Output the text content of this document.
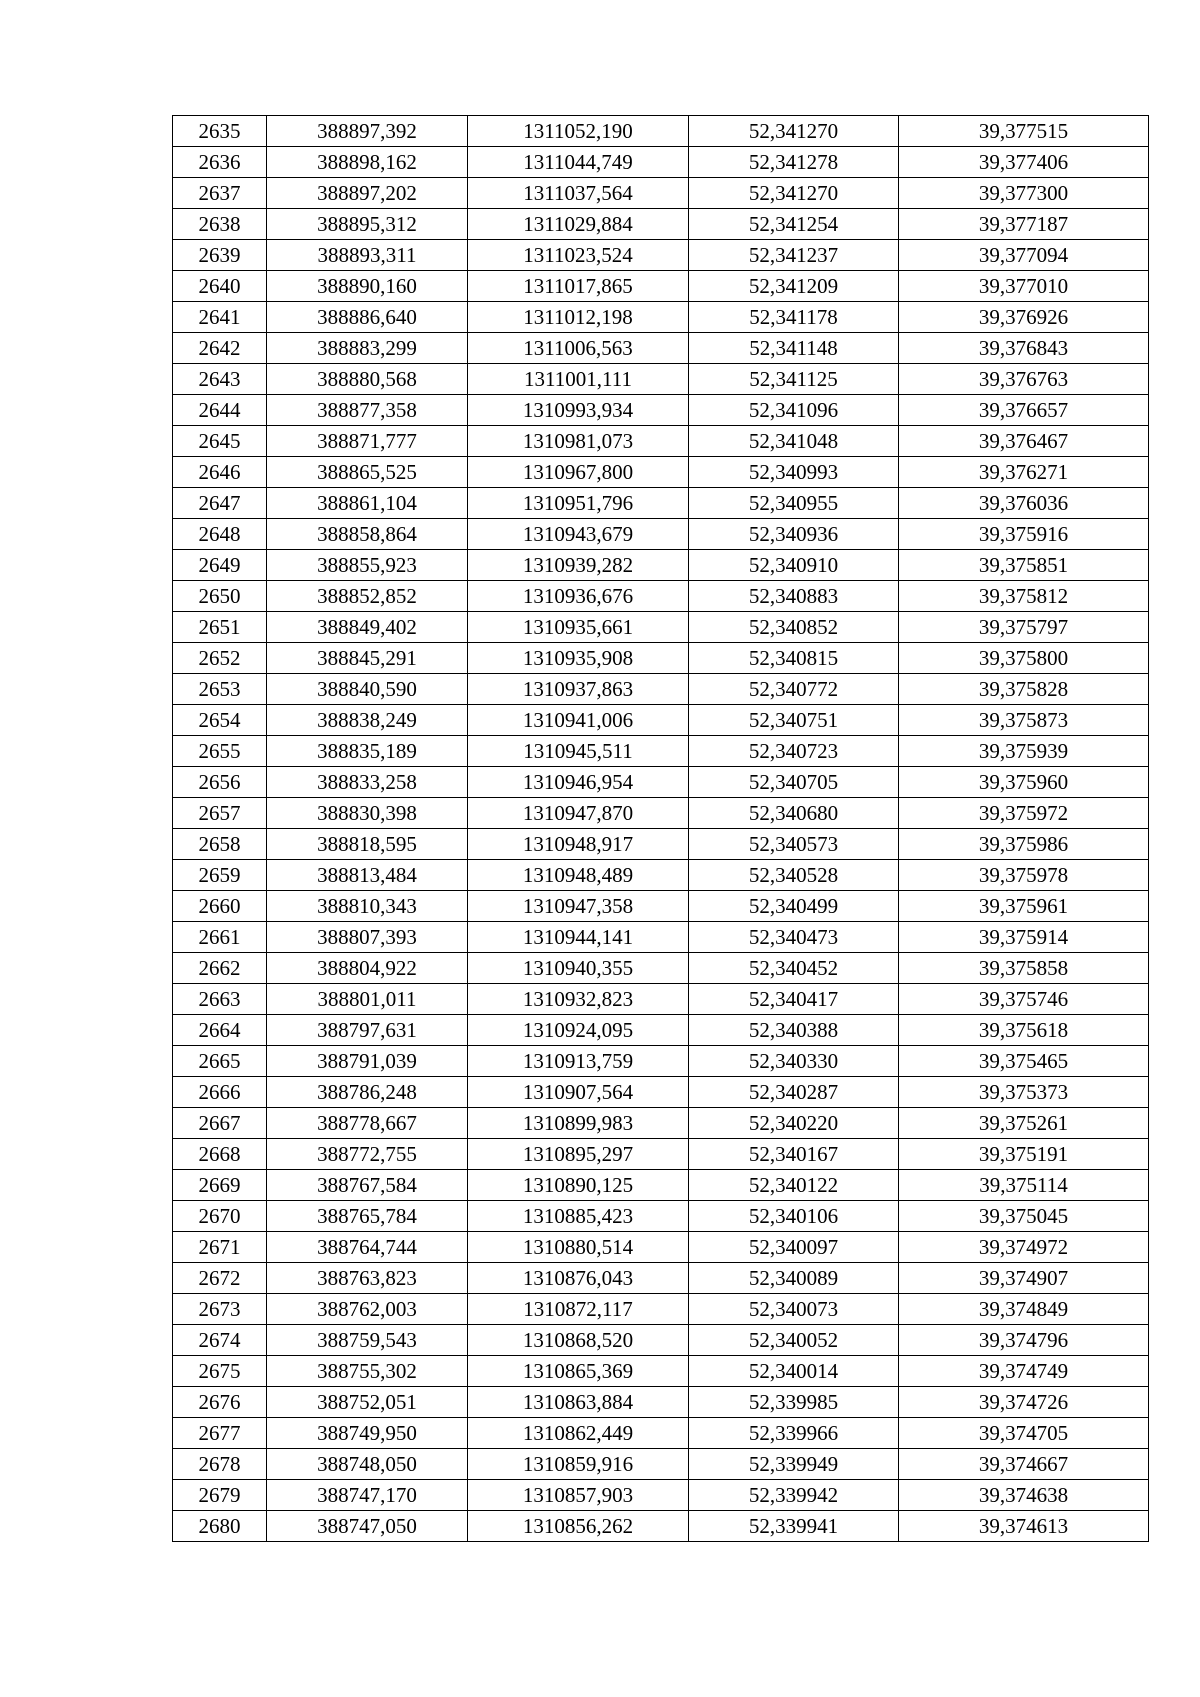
2635	388897,392	1311052,190	52,341270	39,377515
2636	388898,162	1311044,749	52,341278	39,377406
2637	388897,202	1311037,564	52,341270	39,377300
2638	388895,312	1311029,884	52,341254	39,377187
2639	388893,311	1311023,524	52,341237	39,377094
2640	388890,160	1311017,865	52,341209	39,377010
2641	388886,640	1311012,198	52,341178	39,376926
2642	388883,299	1311006,563	52,341148	39,376843
2643	388880,568	1311001,111	52,341125	39,376763
2644	388877,358	1310993,934	52,341096	39,376657
2645	388871,777	1310981,073	52,341048	39,376467
2646	388865,525	1310967,800	52,340993	39,376271
2647	388861,104	1310951,796	52,340955	39,376036
2648	388858,864	1310943,679	52,340936	39,375916
2649	388855,923	1310939,282	52,340910	39,375851
2650	388852,852	1310936,676	52,340883	39,375812
2651	388849,402	1310935,661	52,340852	39,375797
2652	388845,291	1310935,908	52,340815	39,375800
2653	388840,590	1310937,863	52,340772	39,375828
2654	388838,249	1310941,006	52,340751	39,375873
2655	388835,189	1310945,511	52,340723	39,375939
2656	388833,258	1310946,954	52,340705	39,375960
2657	388830,398	1310947,870	52,340680	39,375972
2658	388818,595	1310948,917	52,340573	39,375986
2659	388813,484	1310948,489	52,340528	39,375978
2660	388810,343	1310947,358	52,340499	39,375961
2661	388807,393	1310944,141	52,340473	39,375914
2662	388804,922	1310940,355	52,340452	39,375858
2663	388801,011	1310932,823	52,340417	39,375746
2664	388797,631	1310924,095	52,340388	39,375618
2665	388791,039	1310913,759	52,340330	39,375465
2666	388786,248	1310907,564	52,340287	39,375373
2667	388778,667	1310899,983	52,340220	39,375261
2668	388772,755	1310895,297	52,340167	39,375191
2669	388767,584	1310890,125	52,340122	39,375114
2670	388765,784	1310885,423	52,340106	39,375045
2671	388764,744	1310880,514	52,340097	39,374972
2672	388763,823	1310876,043	52,340089	39,374907
2673	388762,003	1310872,117	52,340073	39,374849
2674	388759,543	1310868,520	52,340052	39,374796
2675	388755,302	1310865,369	52,340014	39,374749
2676	388752,051	1310863,884	52,339985	39,374726
2677	388749,950	1310862,449	52,339966	39,374705
2678	388748,050	1310859,916	52,339949	39,374667
2679	388747,170	1310857,903	52,339942	39,374638
2680	388747,050	1310856,262	52,339941	39,374613
